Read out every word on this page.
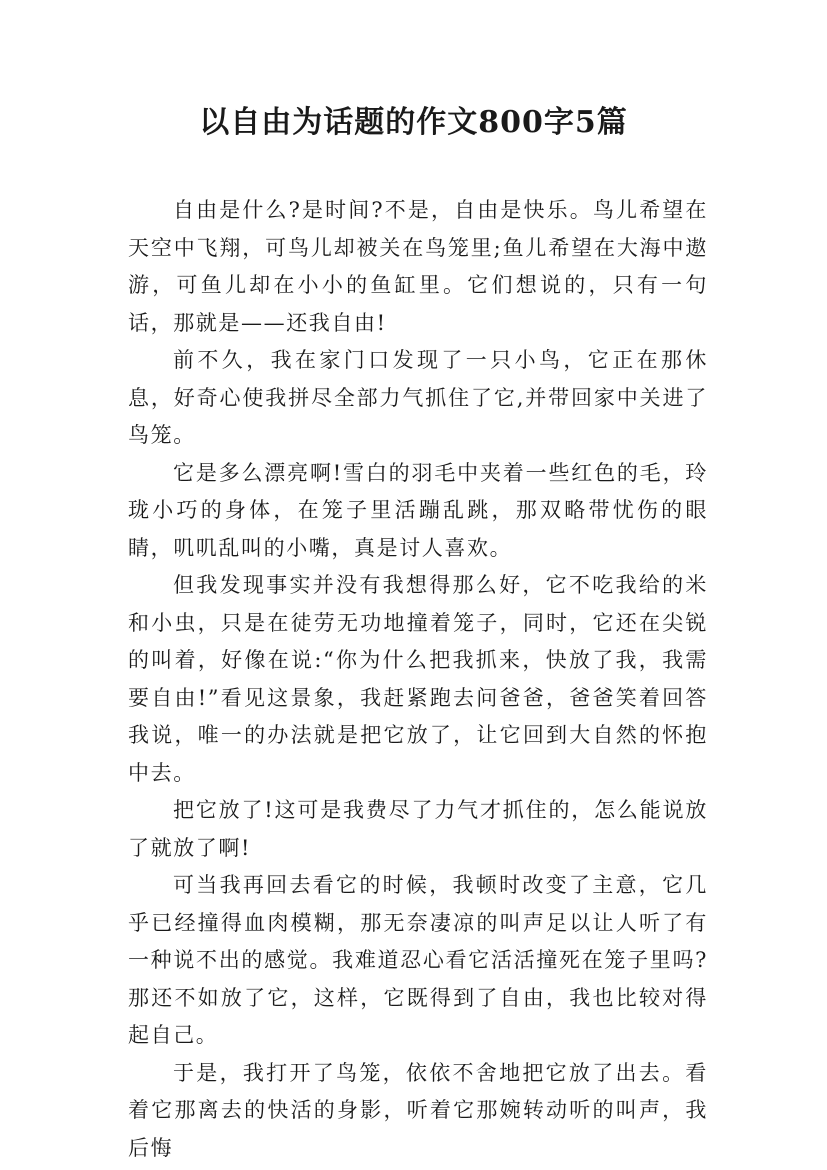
以自由为话题的作文800字5篇

自由是什么?是时间?不是，自由是快乐。鸟儿希望在天空中飞翔，可鸟儿却被关在鸟笼里;鱼儿希望在大海中遨游，可鱼儿却在小小的鱼缸里。它们想说的，只有一句话，那就是——还我自由!

前不久，我在家门口发现了一只小鸟，它正在那休息，好奇心使我拼尽全部力气抓住了它,并带回家中关进了鸟笼。

它是多么漂亮啊!雪白的羽毛中夹着一些红色的毛，玲珑小巧的身体，在笼子里活蹦乱跳，那双略带忧伤的眼睛，叽叽乱叫的小嘴，真是讨人喜欢。

但我发现事实并没有我想得那么好，它不吃我给的米和小虫，只是在徒劳无功地撞着笼子，同时，它还在尖锐的叫着，好像在说:“你为什么把我抓来，快放了我，我需要自由!”看见这景象，我赶紧跑去问爸爸，爸爸笑着回答我说，唯一的办法就是把它放了，让它回到大自然的怀抱中去。

把它放了!这可是我费尽了力气才抓住的，怎么能说放了就放了啊!

可当我再回去看它的时候，我顿时改变了主意，它几乎已经撞得血肉模糊，那无奈凄凉的叫声足以让人听了有一种说不出的感觉。我难道忍心看它活活撞死在笼子里吗?那还不如放了它，这样，它既得到了自由，我也比较对得起自己。

于是，我打开了鸟笼，依依不舍地把它放了出去。看着它那离去的快活的身影，听着它那婉转动听的叫声，我后悔
